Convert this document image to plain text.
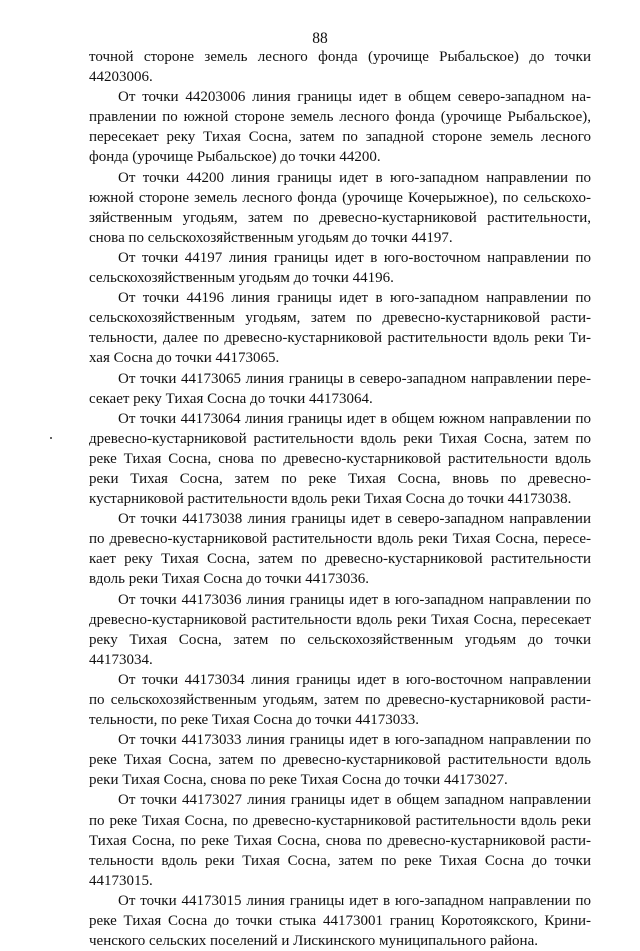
88
точной стороне земель лесного фонда (урочище Рыбальское) до точки
44203006.
От точки 44203006 линия границы идет в общем северо-западном на-
правлении по южной стороне земель лесного фонда (урочище Рыбальское),
пересекает реку Тихая Сосна, затем по западной стороне земель лесного
фонда (урочище Рыбальское) до точки 44200.
От точки 44200 линия границы идет в юго-западном направлении по
южной стороне земель лесного фонда (урочище Кочерыжное), по сельскохо-
зяйственным угодьям, затем по древесно-кустарниковой растительности,
снова по сельскохозяйственным угодьям до точки 44197.
От точки 44197 линия границы идет в юго-восточном направлении по
сельскохозяйственным угодьям до точки 44196.
От точки 44196 линия границы идет в юго-западном направлении по
сельскохозяйственным угодьям, затем по древесно-кустарниковой расти-
тельности, далее по древесно-кустарниковой растительности вдоль реки Ти-
хая Сосна до точки 44173065.
От точки 44173065 линия границы в северо-западном направлении пере-
секает реку Тихая Сосна до точки 44173064.
От точки 44173064 линия границы идет в общем южном направлении по
древесно-кустарниковой растительности вдоль реки Тихая Сосна, затем по
реке Тихая Сосна, снова по древесно-кустарниковой растительности вдоль
реки Тихая Сосна, затем по реке Тихая Сосна, вновь по древесно-
кустарниковой растительности вдоль реки Тихая Сосна до точки 44173038.
От точки 44173038 линия границы идет в северо-западном направлении
по древесно-кустарниковой растительности вдоль реки Тихая Сосна, пересе-
кает реку Тихая Сосна, затем по древесно-кустарниковой растительности
вдоль реки Тихая Сосна до точки 44173036.
От точки 44173036 линия границы идет в юго-западном направлении по
древесно-кустарниковой растительности вдоль реки Тихая Сосна, пересекает
реку Тихая Сосна, затем по сельскохозяйственным угодьям до точки
44173034.
От точки 44173034 линия границы идет в юго-восточном направлении
по сельскохозяйственным угодьям, затем по древесно-кустарниковой расти-
тельности, по реке Тихая Сосна до точки 44173033.
От точки 44173033 линия границы идет в юго-западном направлении по
реке Тихая Сосна, затем по древесно-кустарниковой растительности вдоль
реки Тихая Сосна, снова по реке Тихая Сосна до точки 44173027.
От точки 44173027 линия границы идет в общем западном направлении
по реке Тихая Сосна, по древесно-кустарниковой растительности вдоль реки
Тихая Сосна, по реке Тихая Сосна, снова по древесно-кустарниковой расти-
тельности вдоль реки Тихая Сосна, затем по реке Тихая Сосна до точки
44173015.
От точки 44173015 линия границы идет в юго-западном направлении по
реке Тихая Сосна до точки стыка 44173001 границ Коротоякского, Крини-
ченского сельских поселений и Лискинского муниципального района.
